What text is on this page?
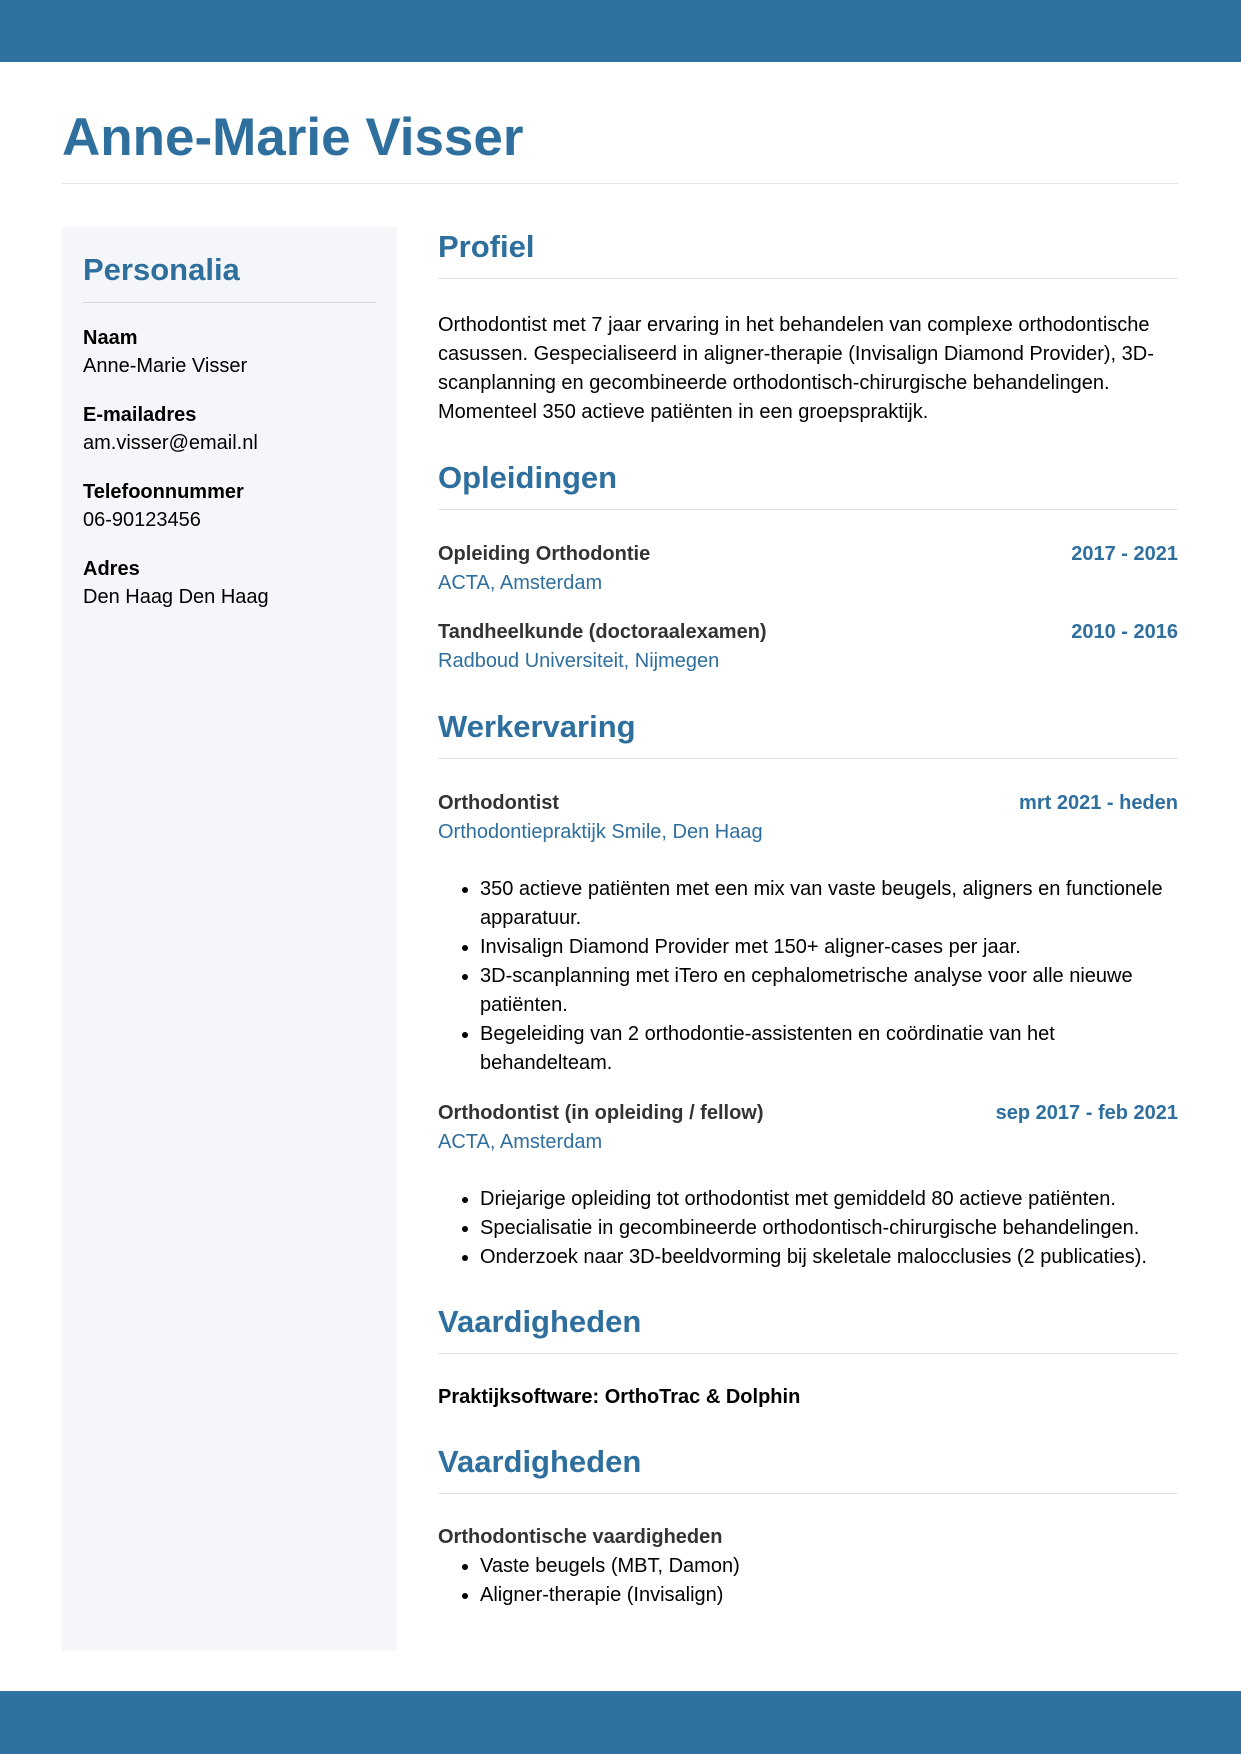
Anne-Marie Visser
Personalia
Naam
Anne-Marie Visser
E-mailadres
am.visser@email.nl
Telefoonnummer
06-90123456
Adres
Den Haag Den Haag
Profiel

Orthodontist met 7 jaar ervaring in het behandelen van complexe orthodontische casussen. Gespecialiseerd in aligner-therapie (Invisalign Diamond Provider), 3D-scanplanning en gecombineerde orthodontisch-chirurgische behandelingen. Momenteel 350 actieve patiënten in een groepspraktijk.

Opleidingen
Opleiding Orthodontie	2017 - 2021
ACTA, Amsterdam
Tandheelkunde (doctoraalexamen)	2010 - 2016
Radboud Universiteit, Nijmegen
Werkervaring
Orthodontist	mrt 2021 - heden
Orthodontiepraktijk Smile, Den Haag
• 350 actieve patiënten met een mix van vaste beugels, aligners en functionele apparatuur.
• Invisalign Diamond Provider met 150+ aligner-cases per jaar.
• 3D-scanplanning met iTero en cephalometrische analyse voor alle nieuwe patiënten.
• Begeleiding van 2 orthodontie-assistenten en coördinatie van het behandelteam.
Orthodontist (in opleiding / fellow)	sep 2017 - feb 2021
ACTA, Amsterdam
• Driejarige opleiding tot orthodontist met gemiddeld 80 actieve patiënten.
• Specialisatie in gecombineerde orthodontisch-chirurgische behandelingen.
• Onderzoek naar 3D-beeldvorming bij skeletale malocclusies (2 publicaties).
Vaardigheden
Praktijksoftware: OrthoTrac & Dolphin
Vaardigheden
Orthodontische vaardigheden
• Vaste beugels (MBT, Damon)
• Aligner-therapie (Invisalign)
